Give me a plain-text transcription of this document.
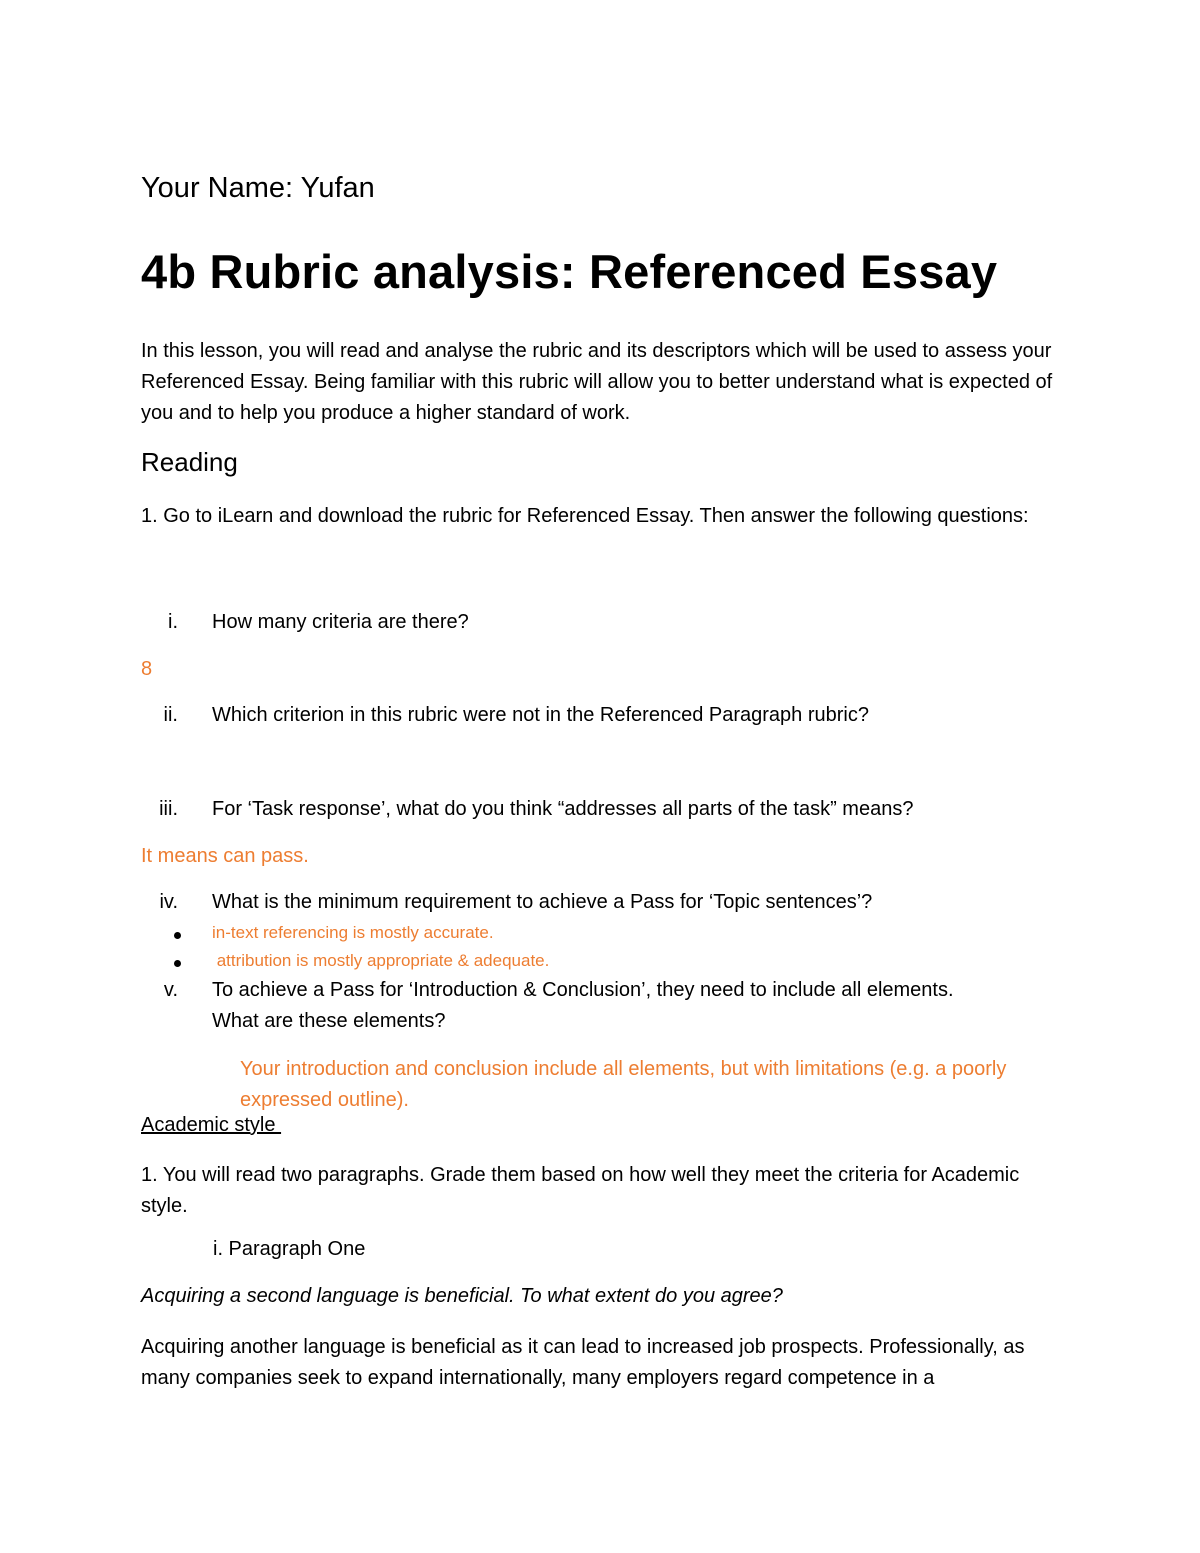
Your Name: Yufan
4b Rubric analysis: Referenced Essay
In this lesson, you will read and analyse the rubric and its descriptors which will be used to assess your Referenced Essay. Being familiar with this rubric will allow you to better understand what is expected of you and to help you produce a higher standard of work.
Reading
1. Go to iLearn and download the rubric for Referenced Essay. Then answer the following questions:
i. How many criteria are there?
8
ii. Which criterion in this rubric were not in the Referenced Paragraph rubric?
iii. For ‘Task response’, what do you think “addresses all parts of the task” means?
It means can pass.
iv. What is the minimum requirement to achieve a Pass for ‘Topic sentences’?
in-text referencing is mostly accurate.
attribution is mostly appropriate & adequate.
v. To achieve a Pass for ‘Introduction & Conclusion’, they need to include all elements.
What are these elements?
Your introduction and conclusion include all elements, but with limitations (e.g. a poorly expressed outline).
Academic style
1. You will read two paragraphs. Grade them based on how well they meet the criteria for Academic style.
i. Paragraph One
Acquiring a second language is beneficial. To what extent do you agree?
Acquiring another language is beneficial as it can lead to increased job prospects. Professionally, as many companies seek to expand internationally, many employers regard competence in a
